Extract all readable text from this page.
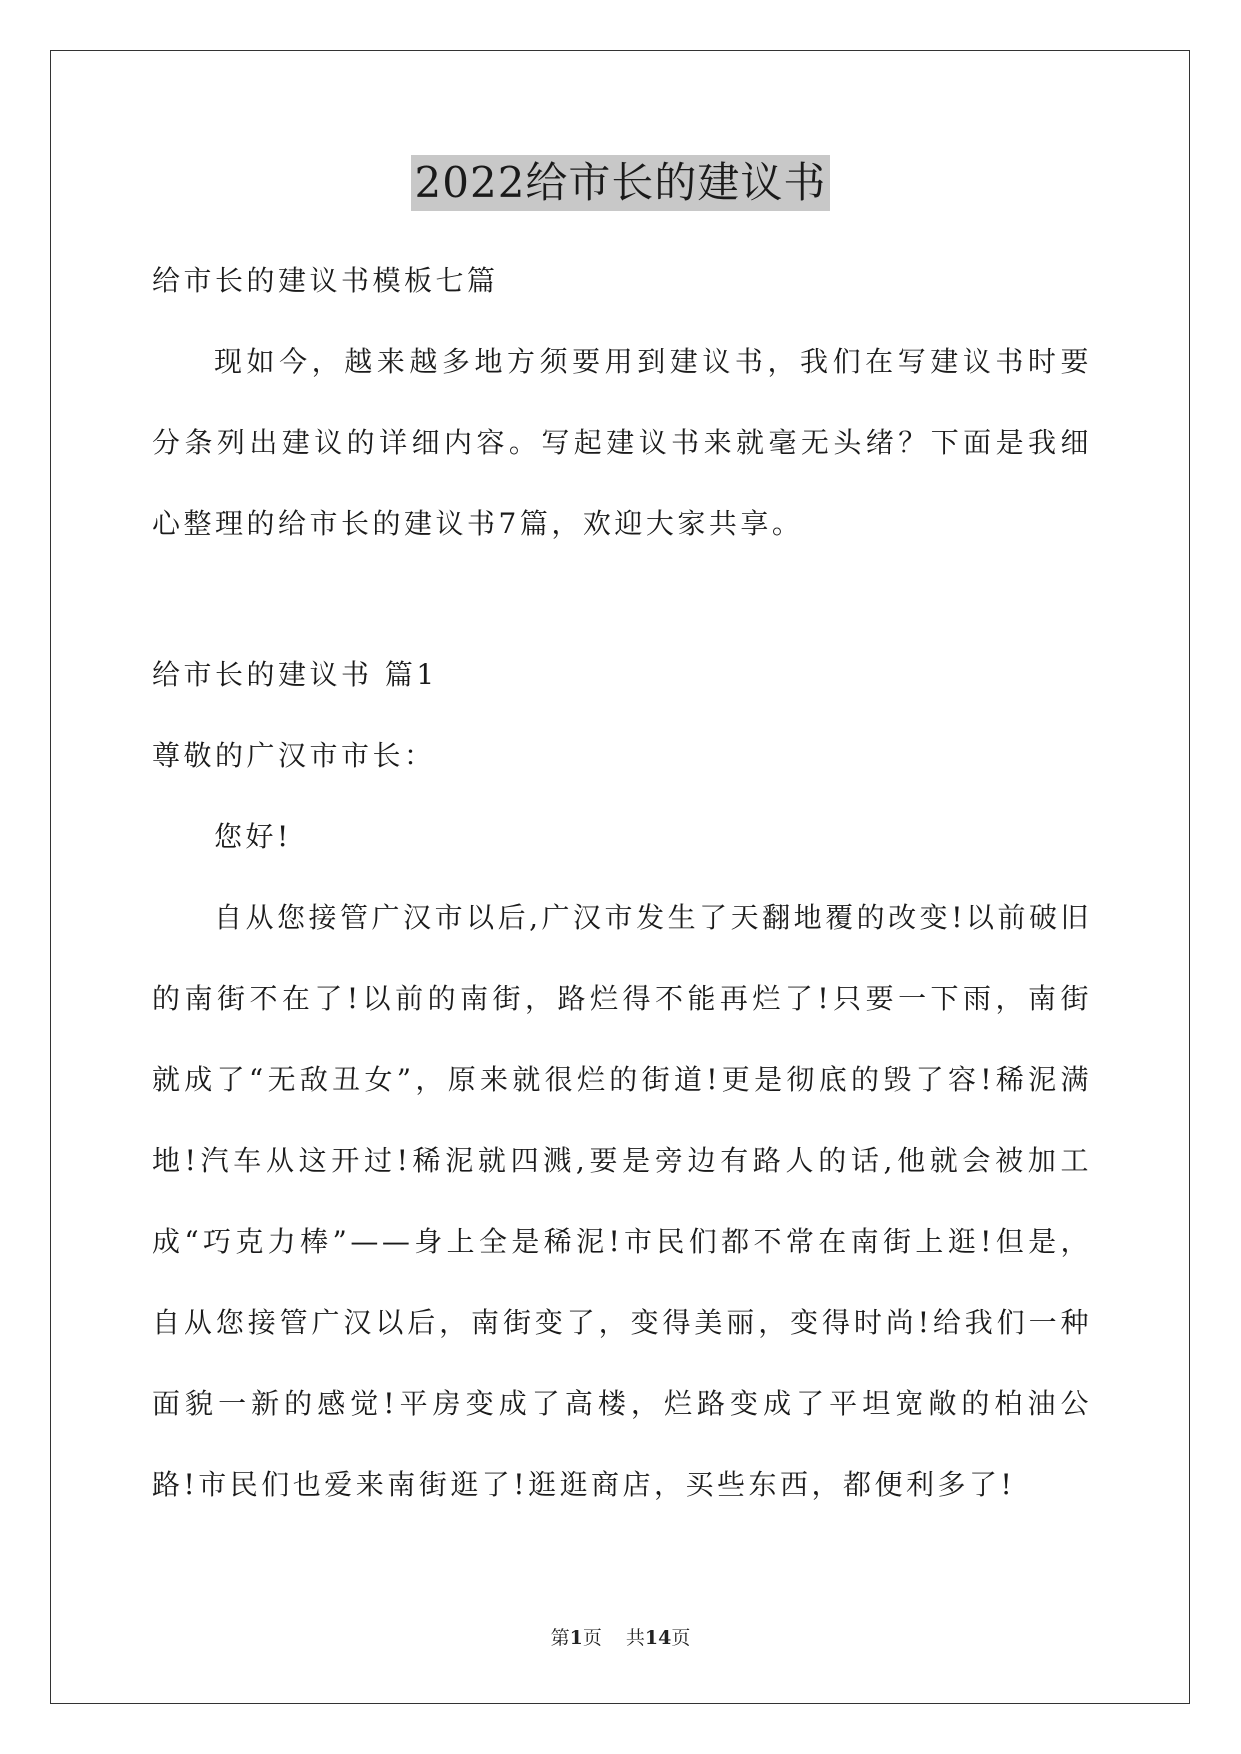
2022给市长的建议书

给市长的建议书模板七篇

现如今，越来越多地方须要用到建议书，我们在写建议书时要分条列出建议的详细内容。写起建议书来就毫无头绪？下面是我细心整理的给市长的建议书7篇，欢迎大家共享。

给市长的建议书 篇1

尊敬的广汉市市长：

您好!

自从您接管广汉市以后,广汉市发生了天翻地覆的改变!以前破旧的南街不在了!以前的南街，路烂得不能再烂了!只要一下雨，南街就成了“无敌丑女”，原来就很烂的街道!更是彻底的毁了容!稀泥满地!汽车从这开过!稀泥就四溅,要是旁边有路人的话,他就会被加工成“巧克力棒”——身上全是稀泥!市民们都不常在南街上逛!但是，自从您接管广汉以后，南街变了，变得美丽，变得时尚!给我们一种面貌一新的感觉!平房变成了高楼，烂路变成了平坦宽敞的柏油公路!市民们也爱来南街逛了!逛逛商店，买些东西，都便利多了!

第1页 共14页
